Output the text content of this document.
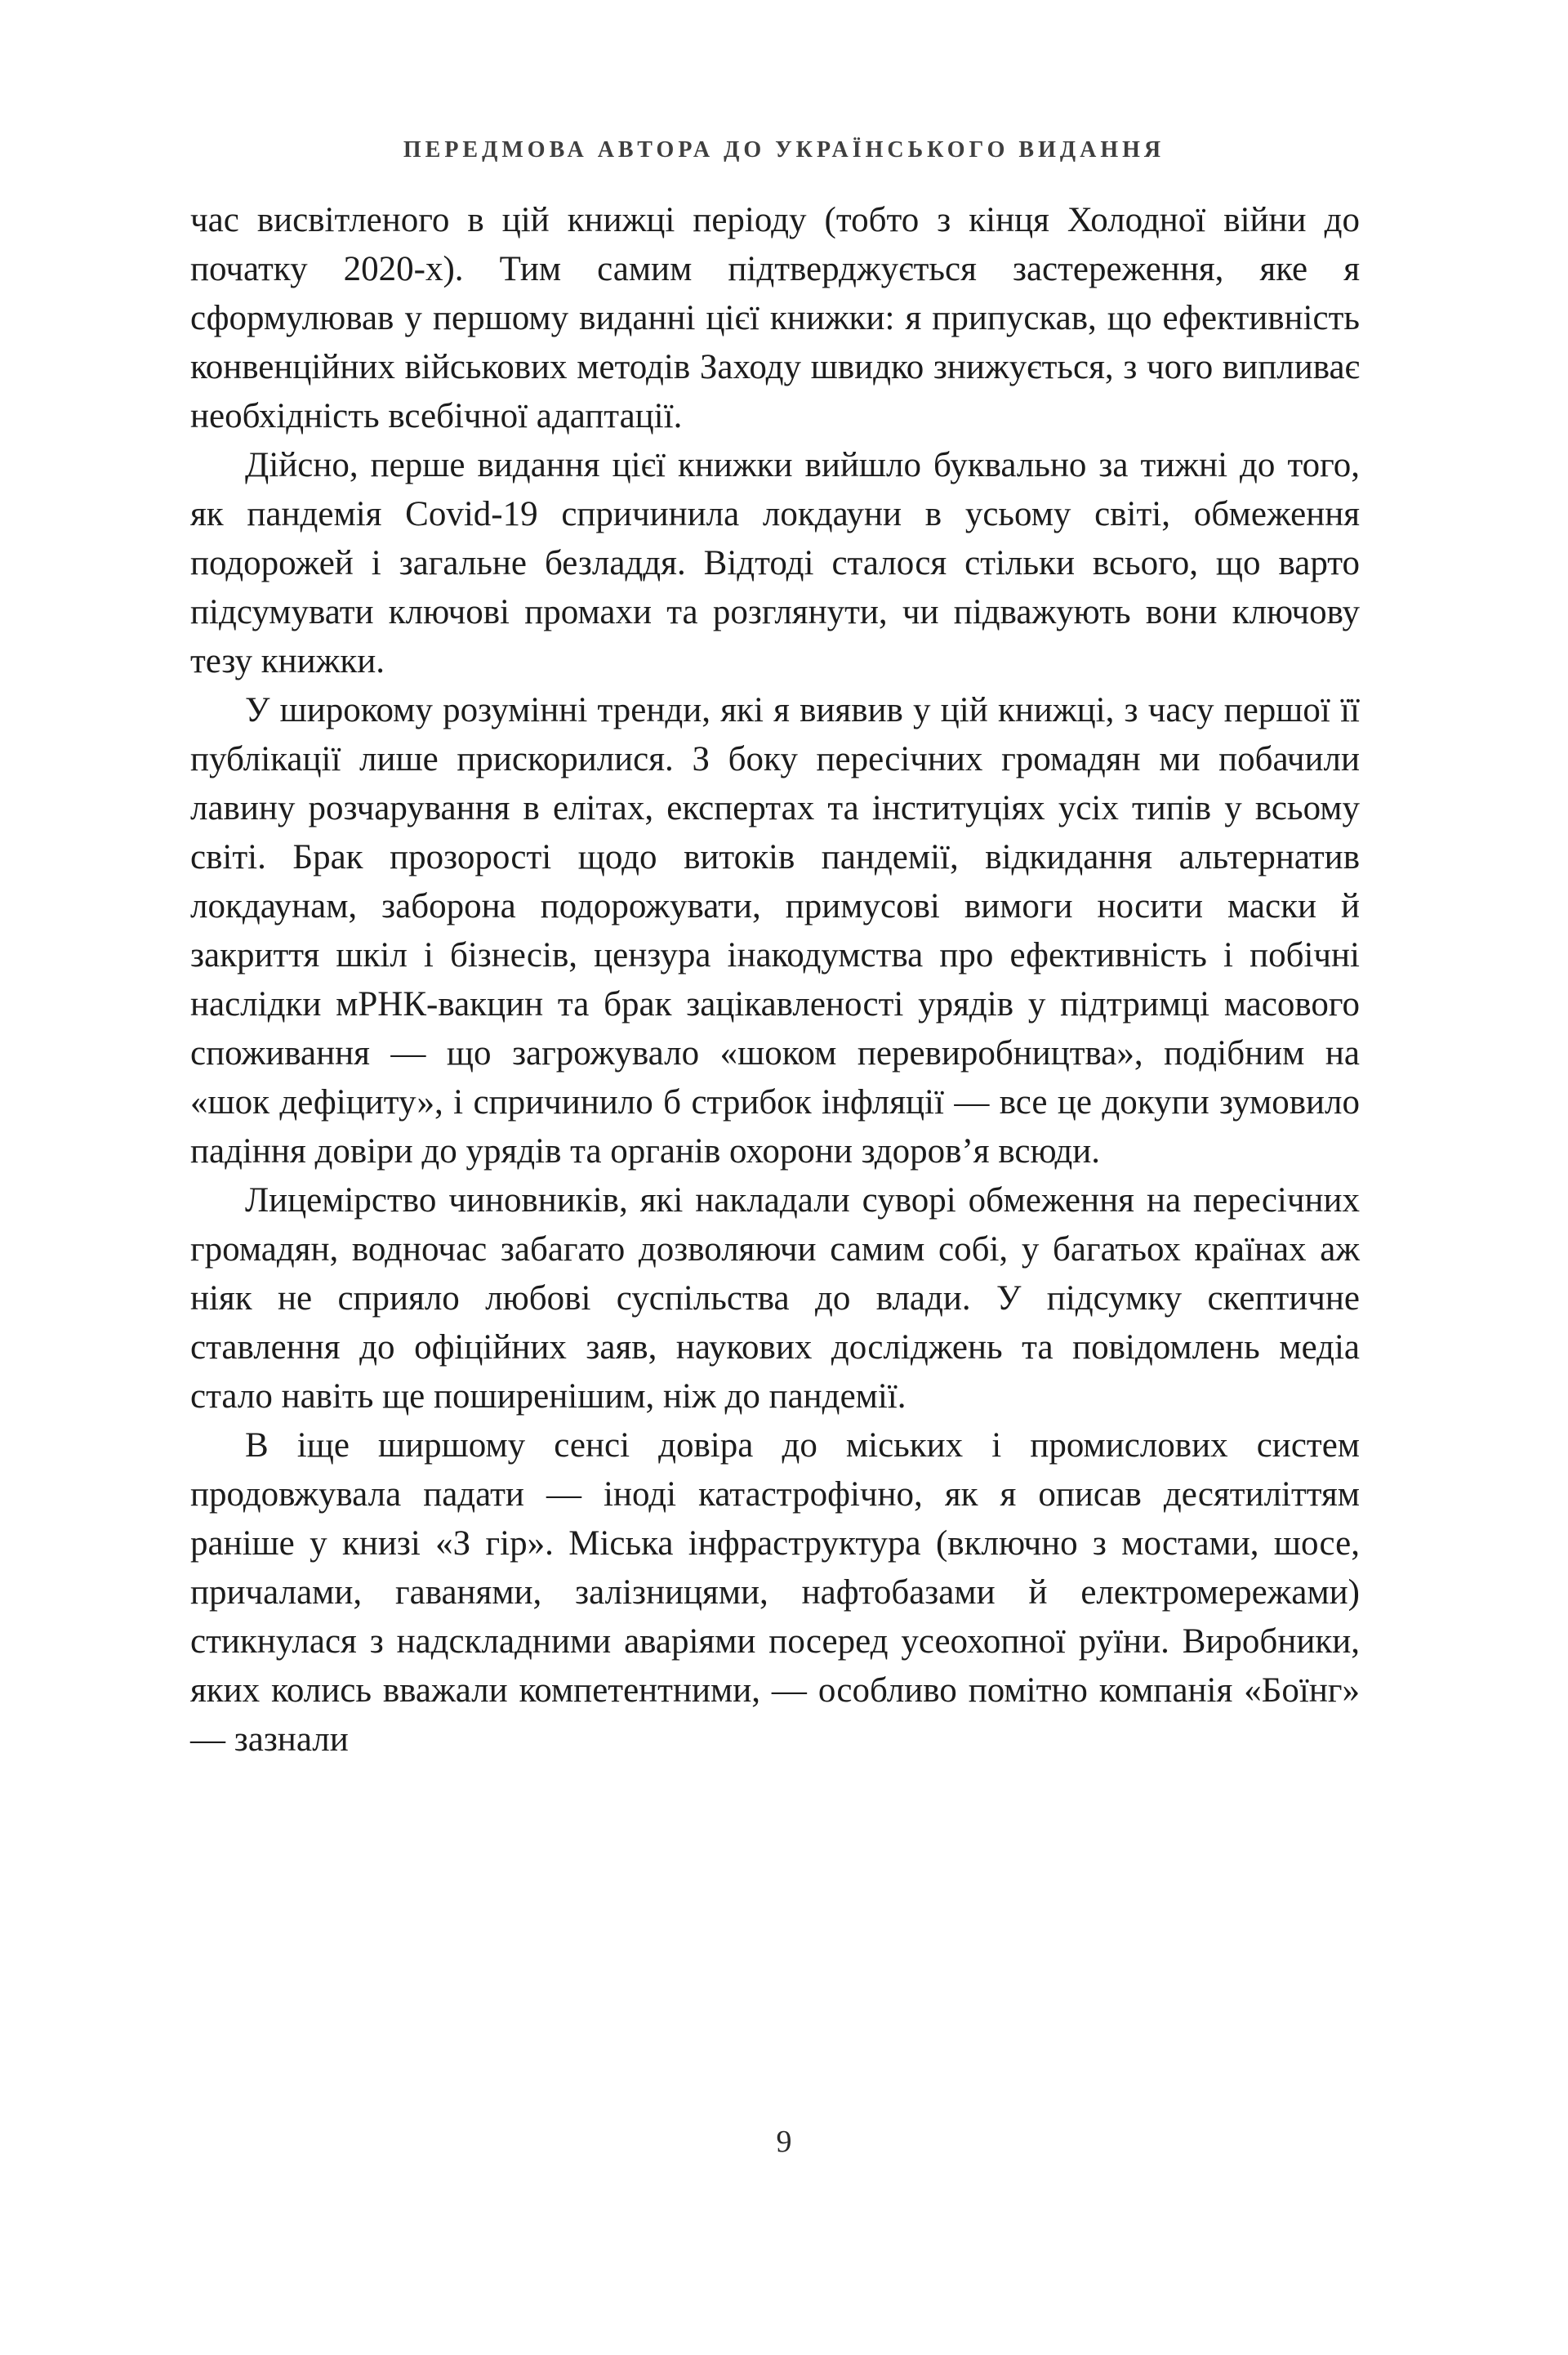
ПЕРЕДМОВА АВТОРА ДО УКРАЇНСЬКОГО ВИДАННЯ

час висвітленого в цій книжці періоду (тобто з кінця Холодної війни до початку 2020-х). Тим самим підтверджується застереження, яке я сформулював у першому виданні цієї книжки: я припускав, що ефективність конвенційних військових методів Заходу швидко знижується, з чого випливає необхідність всебічної адаптації.

Дійсно, перше видання цієї книжки вийшло буквально за тижні до того, як пандемія Covid-19 спричинила локдауни в усьому світі, обмеження подорожей і загальне безладдя. Відтоді сталося стільки всього, що варто підсумувати ключові промахи та розглянути, чи підважують вони ключову тезу книжки.

У широкому розумінні тренди, які я виявив у цій книжці, з часу першої її публікації лише прискорилися. З боку пересічних громадян ми побачили лавину розчарування в елітах, експертах та інституціях усіх типів у всьому світі. Брак прозорості щодо витоків пандемії, відкидання альтернатив локдаунам, заборона подорожувати, примусові вимоги носити маски й закриття шкіл і бізнесів, цензура інакодумства про ефективність і побічні наслідки мРНК-вакцин та брак зацікавленості урядів у підтримці масового споживання — що загрожувало «шоком перевиробництва», подібним на «шок дефіциту», і спричинило б стрибок інфляції — все це докупи зумовило падіння довіри до урядів та органів охорони здоров’я всюди.

Лицемірство чиновників, які накладали суворі обмеження на пересічних громадян, водночас забагато дозволяючи самим собі, у багатьох країнах аж ніяк не сприяло любові суспільства до влади. У підсумку скептичне ставлення до офіційних заяв, наукових досліджень та повідомлень медіа стало навіть ще поширенішим, ніж до пандемії.

В іще ширшому сенсі довіра до міських і промислових систем продовжувала падати — іноді катастрофічно, як я описав десятиліттям раніше у книзі «З гір». Міська інфраструктура (включно з мостами, шосе, причалами, гаванями, залізницями, нафтобазами й електромережами) стикнулася з надскладними аваріями посеред усеохопної руїни. Виробники, яких колись вважали компетентними, — особливо помітно компанія «Боїнг» — зазнали

9
